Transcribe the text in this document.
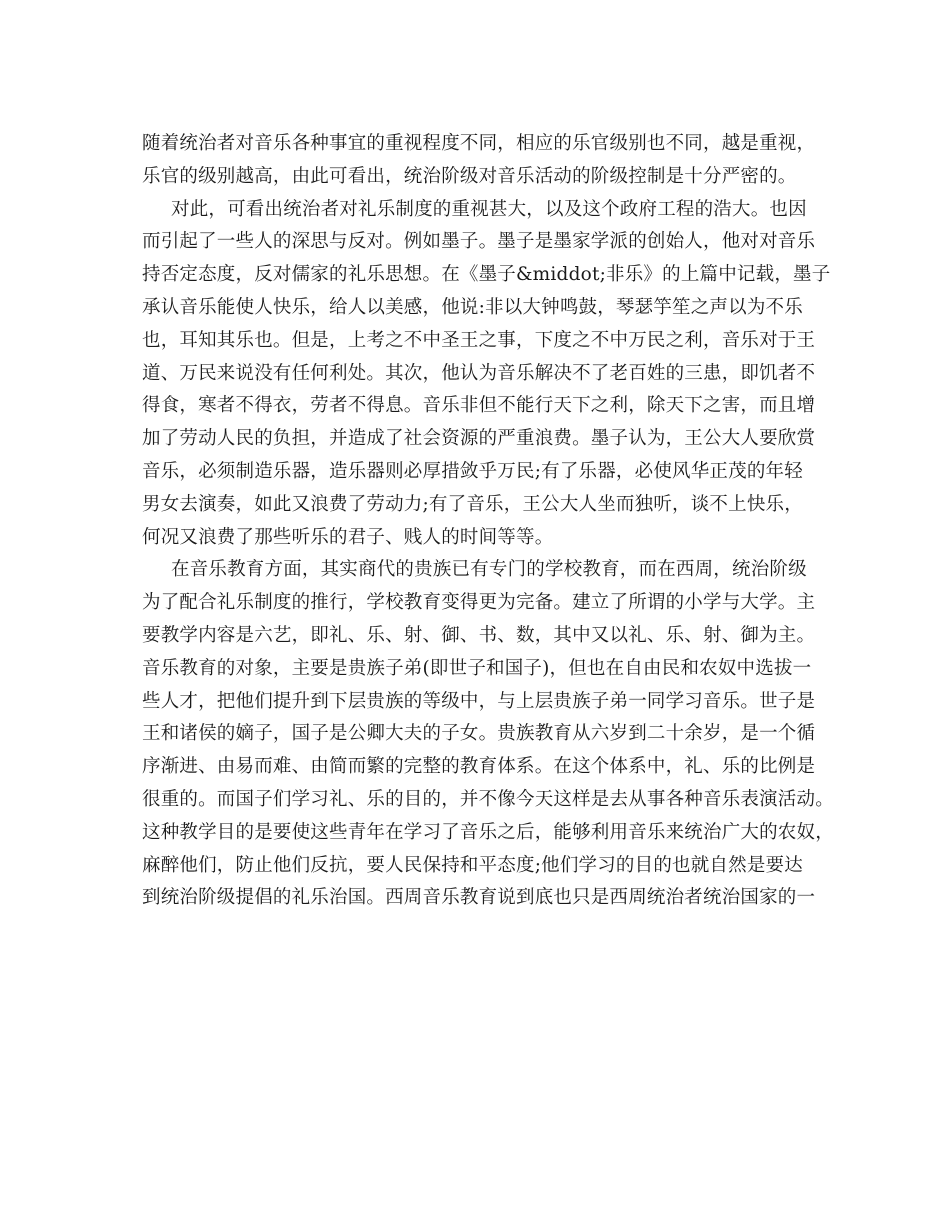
随着统治者对音乐各种事宜的重视程度不同，相应的乐官级别也不同，越是重视，
乐官的级别越高，由此可看出，统治阶级对音乐活动的阶级控制是十分严密的。
对此，可看出统治者对礼乐制度的重视甚大，以及这个政府工程的浩大。也因
而引起了一些人的深思与反对。例如墨子。墨子是墨家学派的创始人，他对对音乐
持否定态度，反对儒家的礼乐思想。在《墨子&middot;非乐》的上篇中记载，墨子
承认音乐能使人快乐，给人以美感，他说:非以大钟鸣鼓，琴瑟竽笙之声以为不乐
也，耳知其乐也。但是，上考之不中圣王之事，下度之不中万民之利，音乐对于王
道、万民来说没有任何利处。其次，他认为音乐解决不了老百姓的三患，即饥者不
得食，寒者不得衣，劳者不得息。音乐非但不能行天下之利，除天下之害，而且增
加了劳动人民的负担，并造成了社会资源的严重浪费。墨子认为，王公大人要欣赏
音乐，必须制造乐器，造乐器则必厚措敛乎万民;有了乐器，必使风华正茂的年轻
男女去演奏，如此又浪费了劳动力;有了音乐，王公大人坐而独听，谈不上快乐，
何况又浪费了那些听乐的君子、贱人的时间等等。
在音乐教育方面，其实商代的贵族已有专门的学校教育，而在西周，统治阶级
为了配合礼乐制度的推行，学校教育变得更为完备。建立了所谓的小学与大学。主
要教学内容是六艺，即礼、乐、射、御、书、数，其中又以礼、乐、射、御为主。
音乐教育的对象，主要是贵族子弟(即世子和国子)，但也在自由民和农奴中选拔一
些人才，把他们提升到下层贵族的等级中，与上层贵族子弟一同学习音乐。世子是
王和诸侯的嫡子，国子是公卿大夫的子女。贵族教育从六岁到二十余岁，是一个循
序渐进、由易而难、由简而繁的完整的教育体系。在这个体系中，礼、乐的比例是
很重的。而国子们学习礼、乐的目的，并不像今天这样是去从事各种音乐表演活动。
这种教学目的是要使这些青年在学习了音乐之后，能够利用音乐来统治广大的农奴，
麻醉他们，防止他们反抗，要人民保持和平态度;他们学习的目的也就自然是要达
到统治阶级提倡的礼乐治国。西周音乐教育说到底也只是西周统治者统治国家的一
